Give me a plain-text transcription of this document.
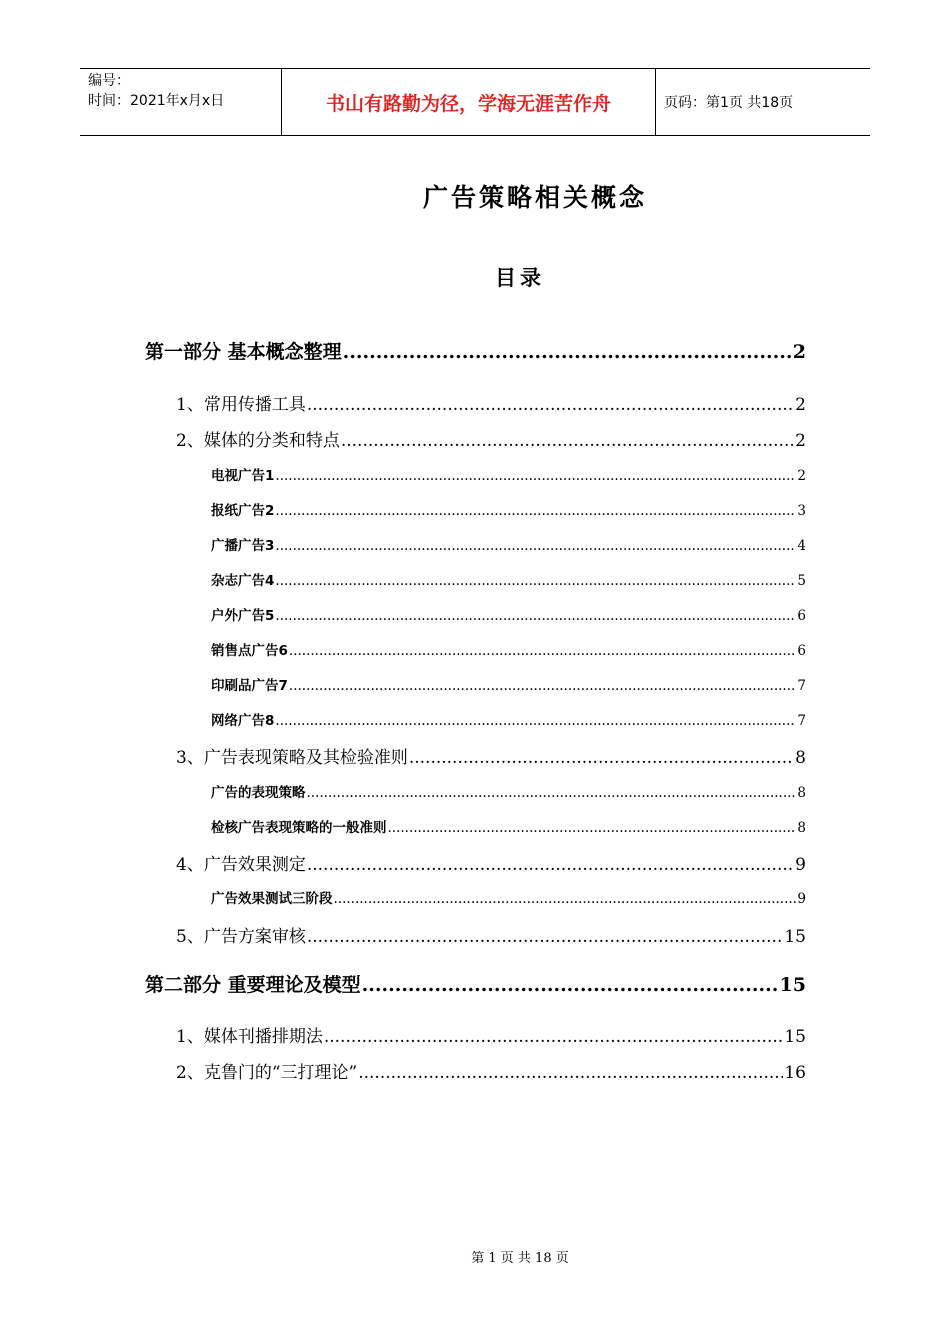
编号：
时间：2021年x月x日	书山有路勤为径，学海无涯苦作舟	页码：第1页 共18页
广告策略相关概念
目录
第一部分 基本概念整理 .....	2
1、常用传播工具 .....	2
2、媒体的分类和特点 .....	2
电视广告1 .....	2
报纸广告2 .....	3
广播广告3 .....	4
杂志广告4 .....	5
户外广告5 .....	6
销售点广告6 .....	6
印刷品广告7 .....	7
网络广告8 .....	7
3、广告表现策略及其检验准则 .....	8
广告的表现策略 .....	8
检核广告表现策略的一般准则 .....	8
4、广告效果测定 .....	9
广告效果测试三阶段 .....	9
5、广告方案审核 .....	15
第二部分 重要理论及模型 .....	15
1、媒体刊播排期法 .....	15
2、克鲁门的“三打理论” .....	16
第 1 页 共 18 页
